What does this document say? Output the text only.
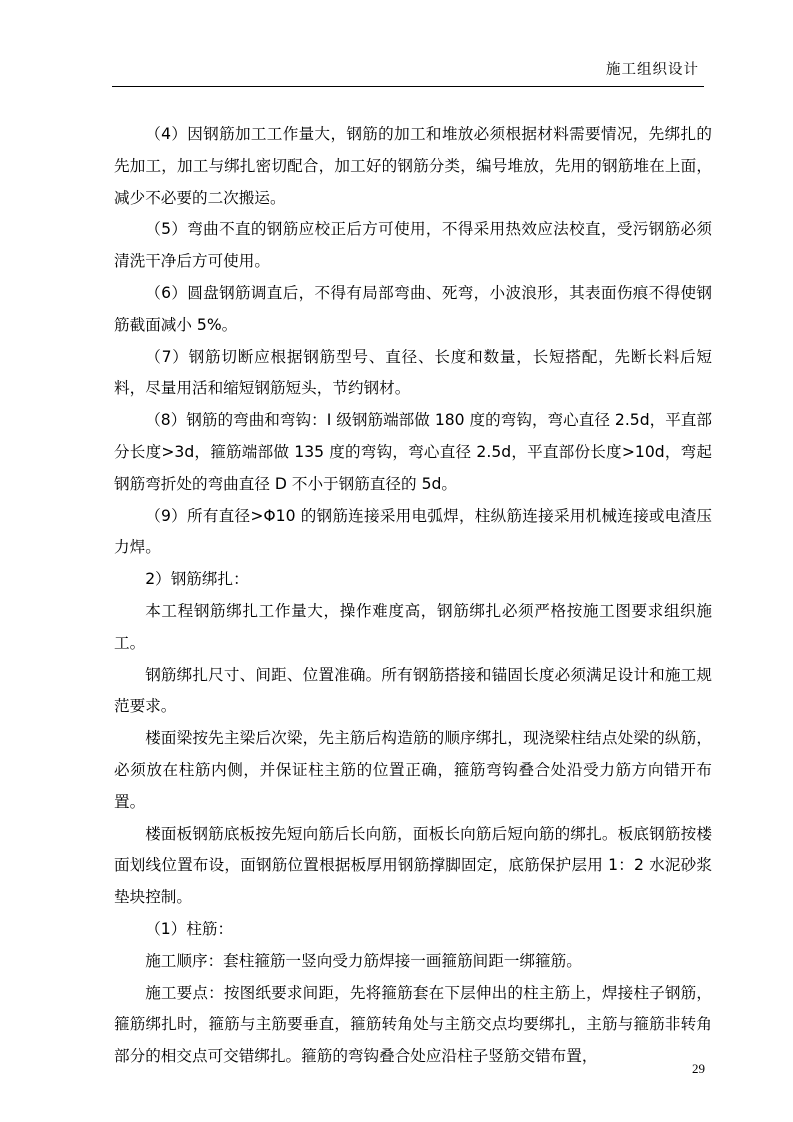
施工组织设计

（4）因钢筋加工工作量大，钢筋的加工和堆放必须根据材料需要情况，先绑扎的先加工，加工与绑扎密切配合，加工好的钢筋分类，编号堆放，先用的钢筋堆在上面，减少不必要的二次搬运。

（5）弯曲不直的钢筋应校正后方可使用，不得采用热效应法校直，受污钢筋必须清洗干净后方可使用。

（6）圆盘钢筋调直后，不得有局部弯曲、死弯，小波浪形，其表面伤痕不得使钢筋截面减小 5%。

（7）钢筋切断应根据钢筋型号、直径、长度和数量，长短搭配，先断长料后短料，尽量用活和缩短钢筋短头，节约钢材。

（8）钢筋的弯曲和弯钩：I 级钢筋端部做 180 度的弯钩，弯心直径 2.5d，平直部分长度>3d，箍筋端部做 135 度的弯钩，弯心直径 2.5d，平直部份长度>10d，弯起钢筋弯折处的弯曲直径 D 不小于钢筋直径的 5d。

（9）所有直径>Φ10 的钢筋连接采用电弧焊，柱纵筋连接采用机械连接或电渣压力焊。

2）钢筋绑扎：

本工程钢筋绑扎工作量大，操作难度高，钢筋绑扎必须严格按施工图要求组织施工。

钢筋绑扎尺寸、间距、位置准确。所有钢筋搭接和锚固长度必须满足设计和施工规范要求。

楼面梁按先主梁后次梁，先主筋后构造筋的顺序绑扎，现浇梁柱结点处梁的纵筋，必须放在柱筋内侧，并保证柱主筋的位置正确，箍筋弯钩叠合处沿受力筋方向错开布置。

楼面板钢筋底板按先短向筋后长向筋，面板长向筋后短向筋的绑扎。板底钢筋按楼面划线位置布设，面钢筋位置根据板厚用钢筋撑脚固定，底筋保护层用 1：2 水泥砂浆垫块控制。

（1）柱筋：

施工顺序：套柱箍筋一竖向受力筋焊接一画箍筋间距一绑箍筋。

施工要点：按图纸要求间距，先将箍筋套在下层伸出的柱主筋上，焊接柱子钢筋，箍筋绑扎时，箍筋与主筋要垂直，箍筋转角处与主筋交点均要绑扎，主筋与箍筋非转角部分的相交点可交错绑扎。箍筋的弯钩叠合处应沿柱子竖筋交错布置，

29
